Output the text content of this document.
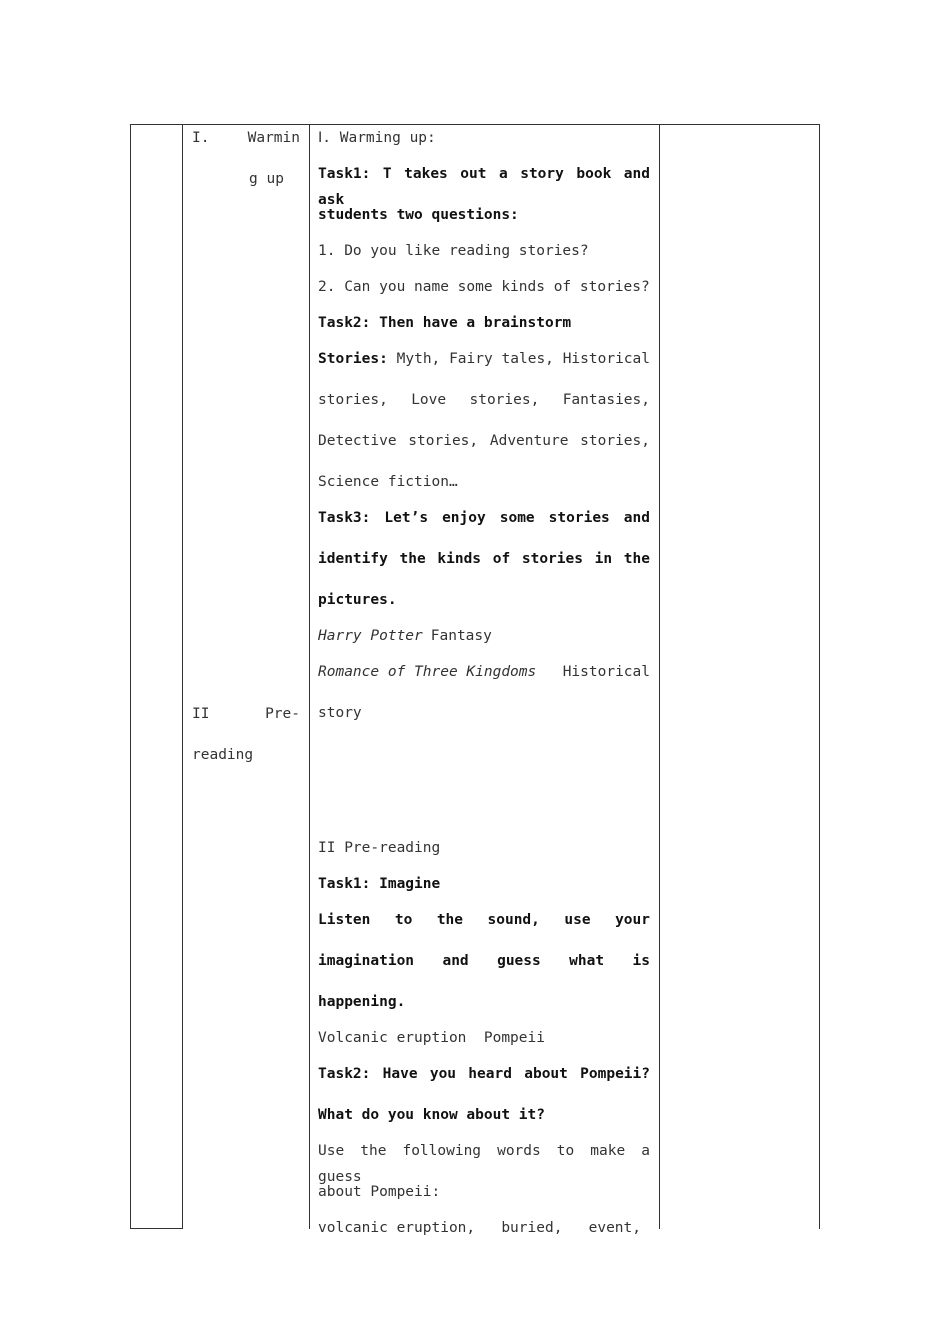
I.	Warmin
g up
II	Pre-
reading
Ⅰ. Warming up:
Task1: T takes out a story book and ask
students two questions:
1. Do you like reading stories?
2. Can you name some kinds of stories?
Task2: Then have a brainstorm
Stories: Myth, Fairy tales, Historical
stories, Love stories, Fantasies,
Detective stories, Adventure stories,
Science fiction…
Task3: Let’s enjoy some stories and
identify the kinds of stories in the
pictures.
Harry Potter Fantasy
Romance of Three Kingdoms Historical
story
II Pre-reading
Task1: Imagine
Listen to the sound, use your
imagination and guess what is
happening.
Volcanic eruption  Pompeii
Task2: Have you heard about Pompeii?
What do you know about it?
Use the following words to make a guess
about Pompeii:
volcanic eruption,   buried,   event,
